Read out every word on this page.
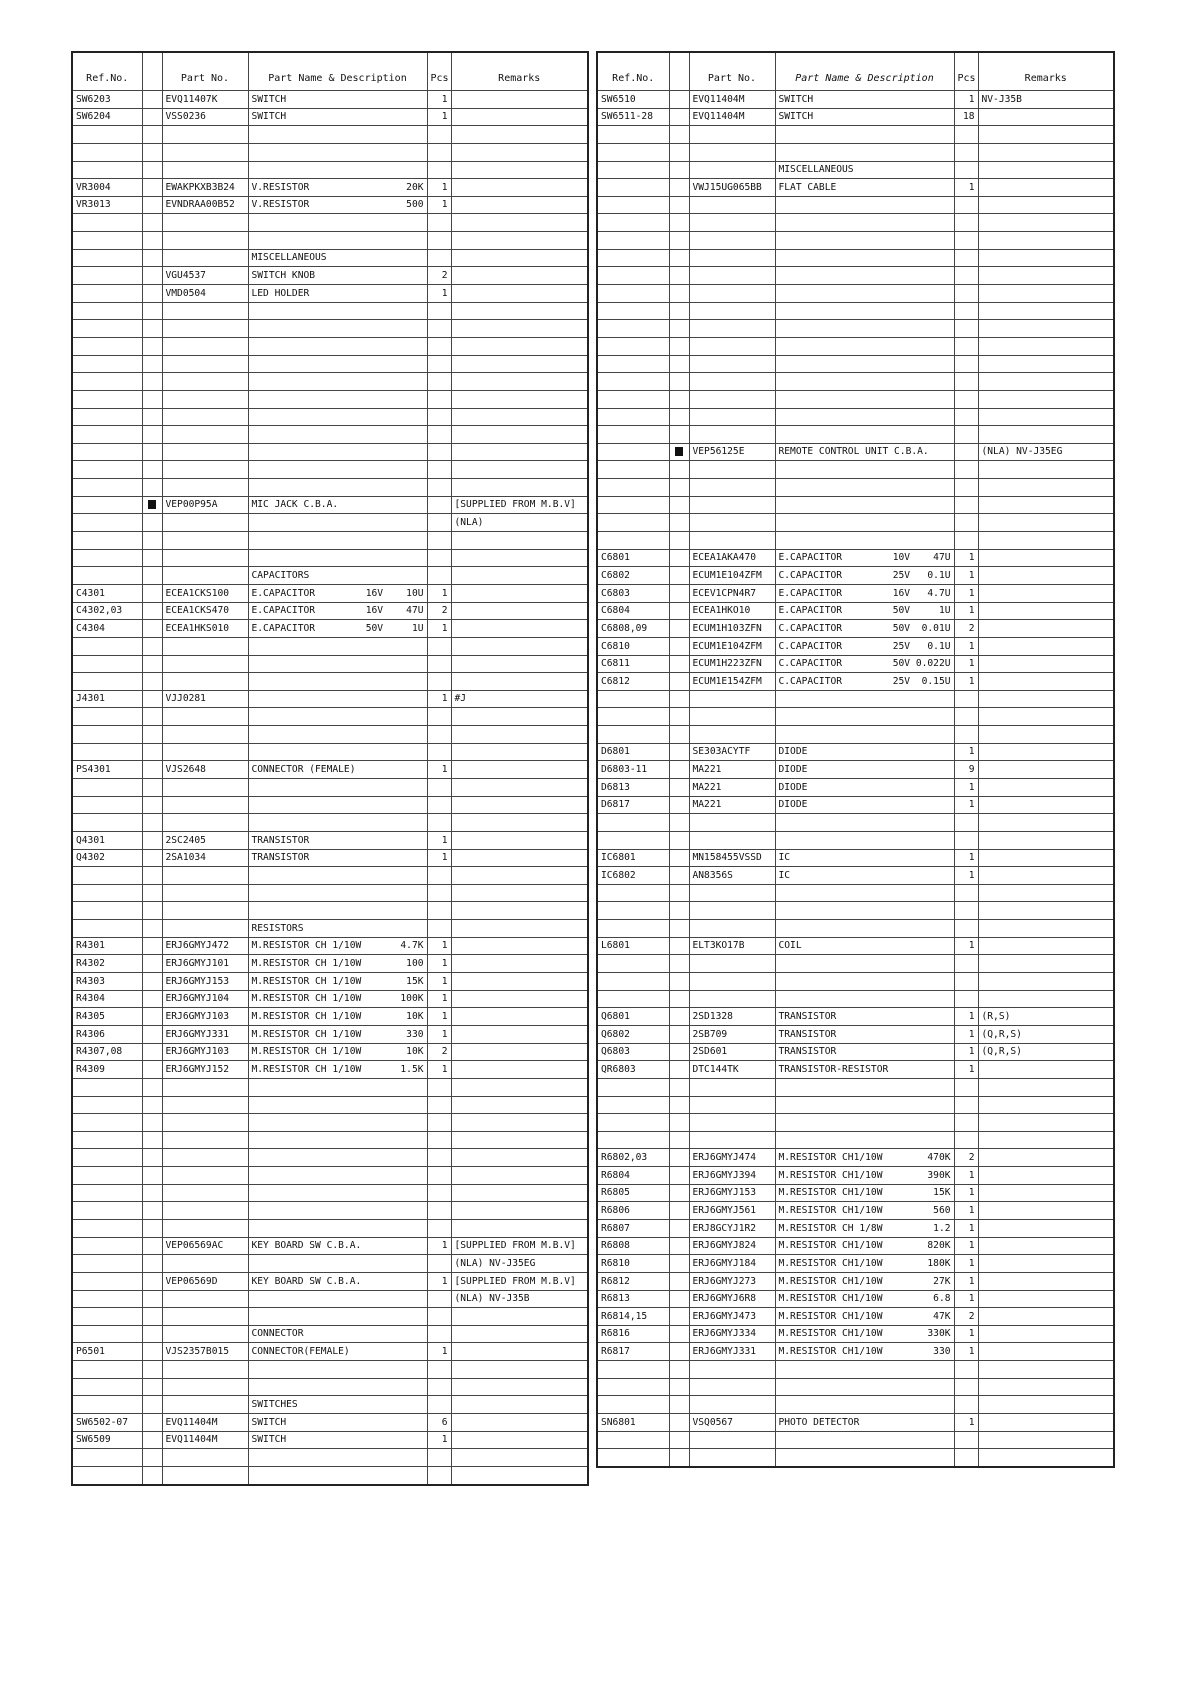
Ref.No.		Part No.	Part Name & Description	Pcs	Remarks
SW6203		EVQ11407K	SWITCH	1	
SW6204		VSS0236	SWITCH	1	

VR3004		EWAKPKXB3B24	V.RESISTOR 20K	1	
VR3013		EVNDRAA00B52	V.RESISTOR 500	1	

			MISCELLANEOUS		

		VGU4537	SWITCH KNOB	2	
		VMD0504	LED HOLDER	1	

		VEP00P95A	MIC JACK C.B.A.		[SUPPLIED FROM M.B.V]
					(NLA)

			CAPACITORS		

C4301		ECEA1CKS100	E.CAPACITOR 16V    10U	1	
C4302,03		ECEA1CKS470	E.CAPACITOR 16V    47U	2	
C4304		ECEA1HKS010	E.CAPACITOR 50V     1U	1	

J4301		VJJ0281		1	#J

PS4301		VJS2648	CONNECTOR (FEMALE)	1	

Q4301		2SC2405	TRANSISTOR	1	
Q4302		2SA1034	TRANSISTOR	1	

			RESISTORS		

R4301		ERJ6GMYJ472	M.RESISTOR CH 1/10W 4.7K	1	
R4302		ERJ6GMYJ101	M.RESISTOR CH 1/10W 100	1	
R4303		ERJ6GMYJ153	M.RESISTOR CH 1/10W 15K	1	
R4304		ERJ6GMYJ104	M.RESISTOR CH 1/10W 100K	1	
R4305		ERJ6GMYJ103	M.RESISTOR CH 1/10W 10K	1	
R4306		ERJ6GMYJ331	M.RESISTOR CH 1/10W 330	1	
R4307,08		ERJ6GMYJ103	M.RESISTOR CH 1/10W 10K	2	
R4309		ERJ6GMYJ152	M.RESISTOR CH 1/10W 1.5K	1	

		VEP06569AC	KEY BOARD SW C.B.A.	1	[SUPPLIED FROM M.B.V]
					(NLA) NV-J35EG
		VEP06569D	KEY BOARD SW C.B.A.	1	[SUPPLIED FROM M.B.V]
					(NLA) NV-J35B

			CONNECTOR		

P6501		VJS2357B015	CONNECTOR(FEMALE)	1	

			SWITCHES		

SW6502-07		EVQ11404M	SWITCH	6	
SW6509		EVQ11404M	SWITCH	1	

Ref.No.		Part No.	Part Name & Description	Pcs	Remarks
SW6510		EVQ11404M	SWITCH	1	NV-J35B
SW6511-28		EVQ11404M	SWITCH	18	

			MISCELLANEOUS		

		VWJ15UG065BB	FLAT CABLE	1	

		VEP56125E	REMOTE CONTROL UNIT C.B.A.		(NLA) NV-J35EG

C6801		ECEA1AKA470	E.CAPACITOR 10V    47U	1	
C6802		ECUM1E104ZFM	C.CAPACITOR 25V   0.1U	1	
C6803		ECEV1CPN4R7	E.CAPACITOR 16V   4.7U	1	
C6804		ECEA1HKO10	E.CAPACITOR 50V     1U	1	
C6808,09		ECUM1H103ZFN	C.CAPACITOR 50V  0.01U	2	
C6810		ECUM1E104ZFM	C.CAPACITOR 25V   0.1U	1	
C6811		ECUM1H223ZFN	C.CAPACITOR 50V 0.022U	1	
C6812		ECUM1E154ZFM	C.CAPACITOR 25V  0.15U	1	

D6801		SE303ACYTF	DIODE	1	
D6803-11		MA221	DIODE	9	
D6813		MA221	DIODE	1	
D6817		MA221	DIODE	1	

IC6801		MN158455VSSD	IC	1	
IC6802		AN8356S	IC	1	

L6801		ELT3KO17B	COIL	1	

Q6801		2SD1328	TRANSISTOR	1	(R,S)
Q6802		2SB709	TRANSISTOR	1	(Q,R,S)
Q6803		2SD601	TRANSISTOR	1	(Q,R,S)
QR6803		DTC144TK	TRANSISTOR-RESISTOR	1	

R6802,03		ERJ6GMYJ474	M.RESISTOR CH1/10W 470K	2	
R6804		ERJ6GMYJ394	M.RESISTOR CH1/10W 390K	1	
R6805		ERJ6GMYJ153	M.RESISTOR CH1/10W 15K	1	
R6806		ERJ6GMYJ561	M.RESISTOR CH1/10W 560	1	
R6807		ERJ8GCYJ1R2	M.RESISTOR CH 1/8W 1.2	1	
R6808		ERJ6GMYJ824	M.RESISTOR CH1/10W 820K	1	
R6810		ERJ6GMYJ184	M.RESISTOR CH1/10W 180K	1	
R6812		ERJ6GMYJ273	M.RESISTOR CH1/10W 27K	1	
R6813		ERJ6GMYJ6R8	M.RESISTOR CH1/10W 6.8	1	
R6814,15		ERJ6GMYJ473	M.RESISTOR CH1/10W 47K	2	
R6816		ERJ6GMYJ334	M.RESISTOR CH1/10W 330K	1	
R6817		ERJ6GMYJ331	M.RESISTOR CH1/10W 330	1	

SN6801		VSQ0567	PHOTO DETECTOR	1	
